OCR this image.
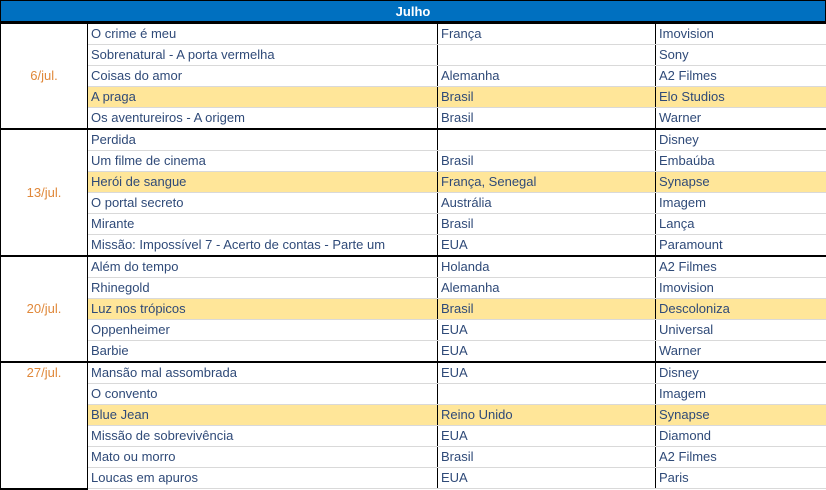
Julho
6/jul.	O crime é meu	França	Imovision
	Sobrenatural - A porta vermelha		Sony
	Coisas do amor	Alemanha	A2 Filmes
	A praga	Brasil	Elo Studios
	Os aventureiros - A origem	Brasil	Warner
13/jul.	Perdida		Disney
	Um filme de cinema	Brasil	Embaúba
	Herói de sangue	França, Senegal	Synapse
	O portal secreto	Austrália	Imagem
	Mirante	Brasil	Lança
	Missão: Impossível 7 - Acerto de contas - Parte um	EUA	Paramount
20/jul.	Além do tempo	Holanda	A2 Filmes
	Rhinegold	Alemanha	Imovision
	Luz nos trópicos	Brasil	Descoloniza
	Oppenheimer	EUA	Universal
	Barbie	EUA	Warner
27/jul.	Mansão mal assombrada	EUA	Disney
	O convento		Imagem
	Blue Jean	Reino Unido	Synapse
	Missão de sobrevivência	EUA	Diamond
	Mato ou morro	Brasil	A2 Filmes
	Loucas em apuros	EUA	Paris
